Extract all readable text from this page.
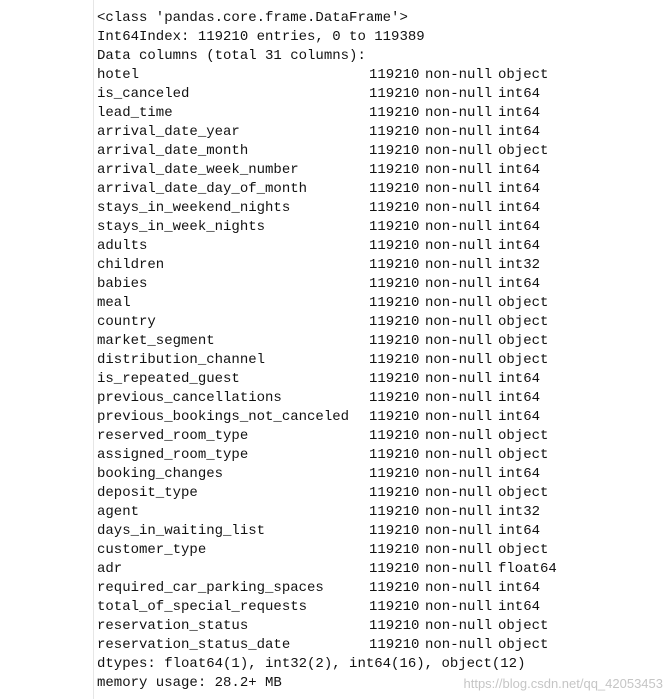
<class 'pandas.core.frame.DataFrame'>
Int64Index: 119210 entries, 0 to 119389
Data columns (total 31 columns):
hotel	119210 non-null object
is_canceled	119210 non-null int64
lead_time	119210 non-null int64
arrival_date_year	119210 non-null int64
arrival_date_month	119210 non-null object
arrival_date_week_number	119210 non-null int64
arrival_date_day_of_month	119210 non-null int64
stays_in_weekend_nights	119210 non-null int64
stays_in_week_nights	119210 non-null int64
adults	119210 non-null int64
children	119210 non-null int32
babies	119210 non-null int64
meal	119210 non-null object
country	119210 non-null object
market_segment	119210 non-null object
distribution_channel	119210 non-null object
is_repeated_guest	119210 non-null int64
previous_cancellations	119210 non-null int64
previous_bookings_not_canceled	119210 non-null int64
reserved_room_type	119210 non-null object
assigned_room_type	119210 non-null object
booking_changes	119210 non-null int64
deposit_type	119210 non-null object
agent	119210 non-null int32
days_in_waiting_list	119210 non-null int64
customer_type	119210 non-null object
adr	119210 non-null float64
required_car_parking_spaces	119210 non-null int64
total_of_special_requests	119210 non-null int64
reservation_status	119210 non-null object
reservation_status_date	119210 non-null object
dtypes: float64(1), int32(2), int64(16), object(12)
memory usage: 28.2+ MB	https://blog.csdn.net/qq_42053453
